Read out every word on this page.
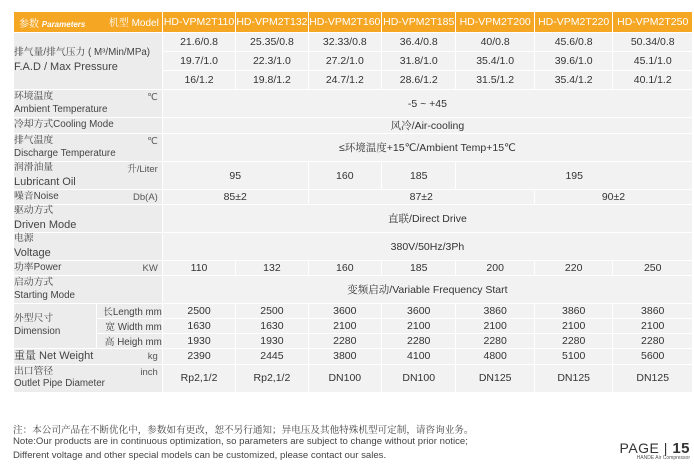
参数 Parameters 机型 Model		HD-VPM2T110	HD-VPM2T132	HD-VPM2T160	HD-VPM2T185	HD-VPM2T200	HD-VPM2T220	HD-VPM2T250
排气量/排气压力 ( M³/Min/MPa)
F.A.D / Max Pressure		21.6/0.8	25.35/0.8	32.33/0.8	36.4/0.8	40/0.8	45.6/0.8	50.34/0.8
		19.7/1.0	22.3/1.0	27.2/1.0	31.8/1.0	35.4/1.0	39.6/1.0	45.1/1.0
		16/1.2	19.8/1.2	24.7/1.2	28.6/1.2	31.5/1.2	35.4/1.2	40.1/1.2
环境温度 ℃
Ambient Temperature		-5 ~ +45						
冷却方式Cooling Mode		风冷/Air-cooling						
排气温度 ℃
Discharge Temperature		≤环境温度+15℃/Ambient Temp+15℃						
润滑油量 升/Liter
Lubricant Oil		95		160	185	195		
噪音Noise Db(A)		85±2		87±2			90±2	
驱动方式
Driven Mode		直联/Direct Drive						
电源
Voltage		380V/50Hz/3Ph						
功率Power KW		110	132	160	185	200	220	250
启动方式
Starting Mode		变频启动/Variable Frequency Start						
外型尺寸
Dimension	长Length mm	2500	2500	3600	3600	3860	3860	3860
	宽 Width mm	1630	1630	2100	2100	2100	2100	2100
	高 Heigh mm	1930	1930	2280	2280	2280	2280	2280
重量 Net Weight kg		2390	2445	3800	4100	4800	5100	5600
出口管径 inch
Outlet Pipe Diameter		Rp2,1/2	Rp2,1/2	DN100	DN100	DN125	DN125	DN125
注：本公司产品在不断优化中，参数如有更改，恕不另行通知；异电压及其他特殊机型可定制，请咨询业务。
Note:Our products are in continuous optimization, so parameters are subject to change without prior notice;
Different voltage and other special models can be customized, please contact our sales.	PAGE | 15
HANDE Air Compressor
